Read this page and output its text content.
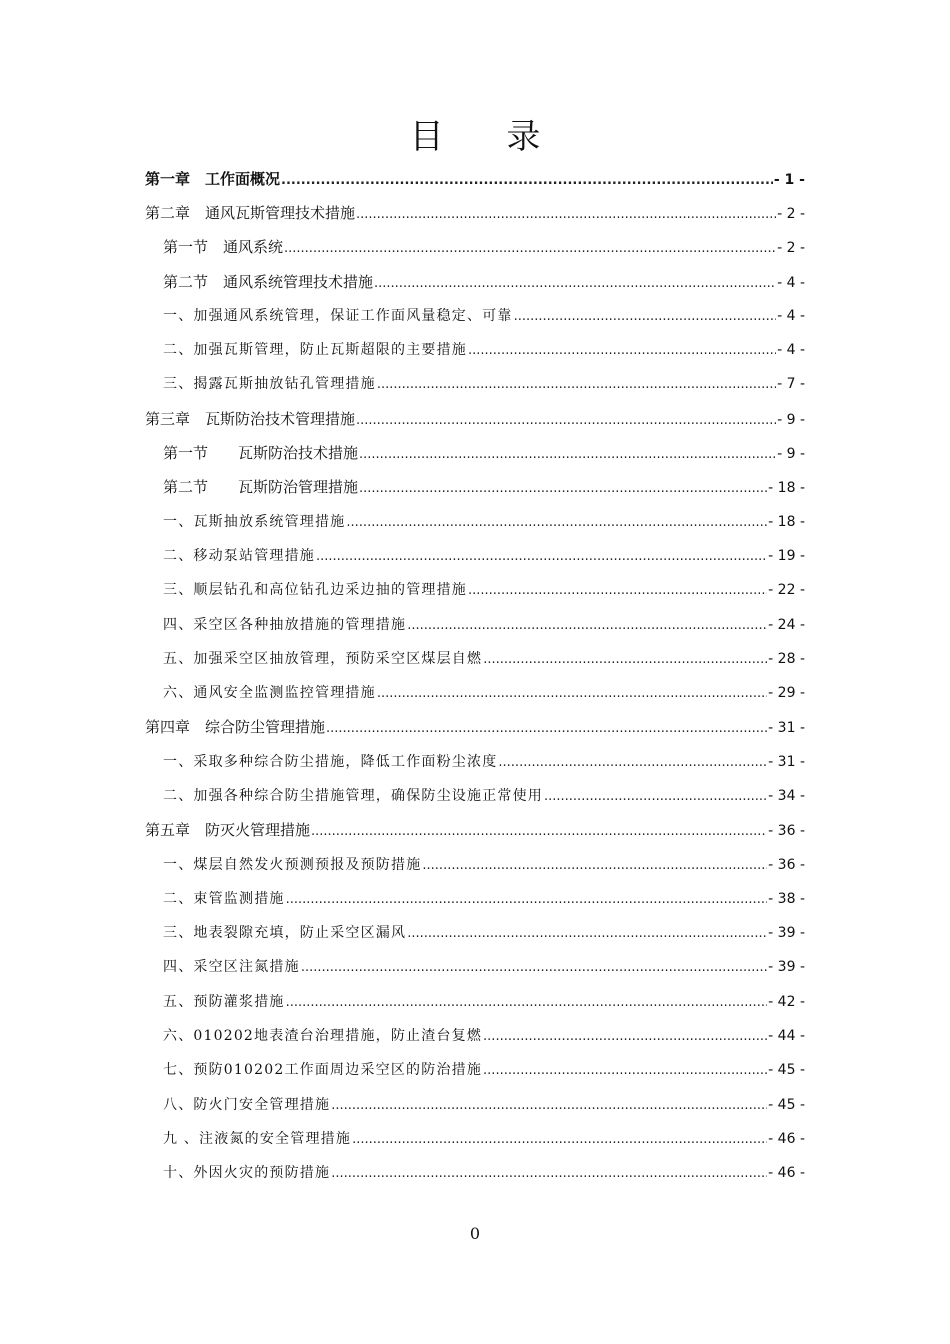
目 录
第一章　工作面概况 .....	- 1 -
第二章　通风瓦斯管理技术措施 .....	- 2 -
第一节　通风系统 .....	- 2 -
第二节　通风系统管理技术措施 .....	- 4 -
一、加强通风系统管理，保证工作面风量稳定、可靠 .....	- 4 -
二、加强瓦斯管理，防止瓦斯超限的主要措施 .....	- 4 -
三、揭露瓦斯抽放钻孔管理措施 .....	- 7 -
第三章　瓦斯防治技术管理措施 .....	- 9 -
第一节　　瓦斯防治技术措施 .....	- 9 -
第二节　　瓦斯防治管理措施 .....	- 18 -
一、瓦斯抽放系统管理措施 .....	- 18 -
二、移动泵站管理措施 .....	- 19 -
三、顺层钻孔和高位钻孔边采边抽的管理措施 .....	- 22 -
四、采空区各种抽放措施的管理措施 .....	- 24 -
五、加强采空区抽放管理，预防采空区煤层自燃 .....	- 28 -
六、通风安全监测监控管理措施 .....	- 29 -
第四章　综合防尘管理措施 .....	- 31 -
一、采取多种综合防尘措施，降低工作面粉尘浓度 .....	- 31 -
二、加强各种综合防尘措施管理，确保防尘设施正常使用 .....	- 34 -
第五章　防灭火管理措施 .....	- 36 -
一、煤层自然发火预测预报及预防措施 .....	- 36 -
二、束管监测措施 .....	- 38 -
三、地表裂隙充填，防止采空区漏风 .....	- 39 -
四、采空区注氮措施 .....	- 39 -
五、预防灌浆措施 .....	- 42 -
六、010202地表渣台治理措施，防止渣台复燃 .....	- 44 -
七、预防010202工作面周边采空区的防治措施 .....	- 45 -
八、防火门安全管理措施 .....	- 45 -
九 、注液氮的安全管理措施 .....	- 46 -
十、外因火灾的预防措施 .....	- 46 -
0
